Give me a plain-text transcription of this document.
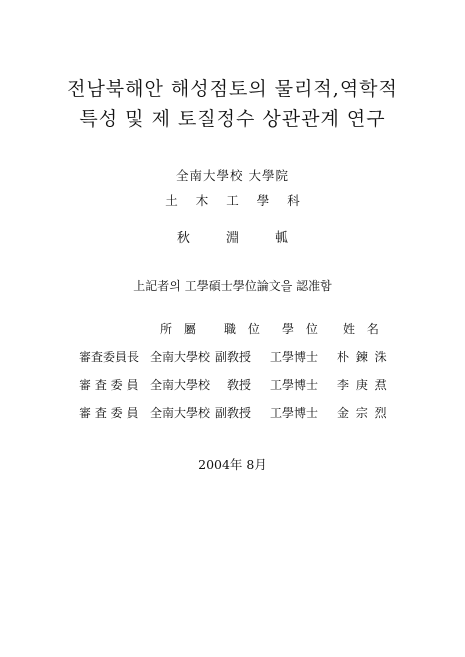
전남북해안 해성점토의 물리적,역학적
특성 및 제 토질정수 상관관계 연구
全南大學校 大學院
土 木 工 學 科
秋 淵 㼊
上記者의 工學碩士學位論文을 認准함
所 屬 職 位 學 位 姓 名
審査委員長 全南大學校 副敎授 工學博士 朴 鍊 洙
審 査 委 員 全南大學校 敎授 工學博士 李 庚 焄
審 査 委 員 全南大學校 副敎授 工學博士 金 宗 烈
2004年 8月
